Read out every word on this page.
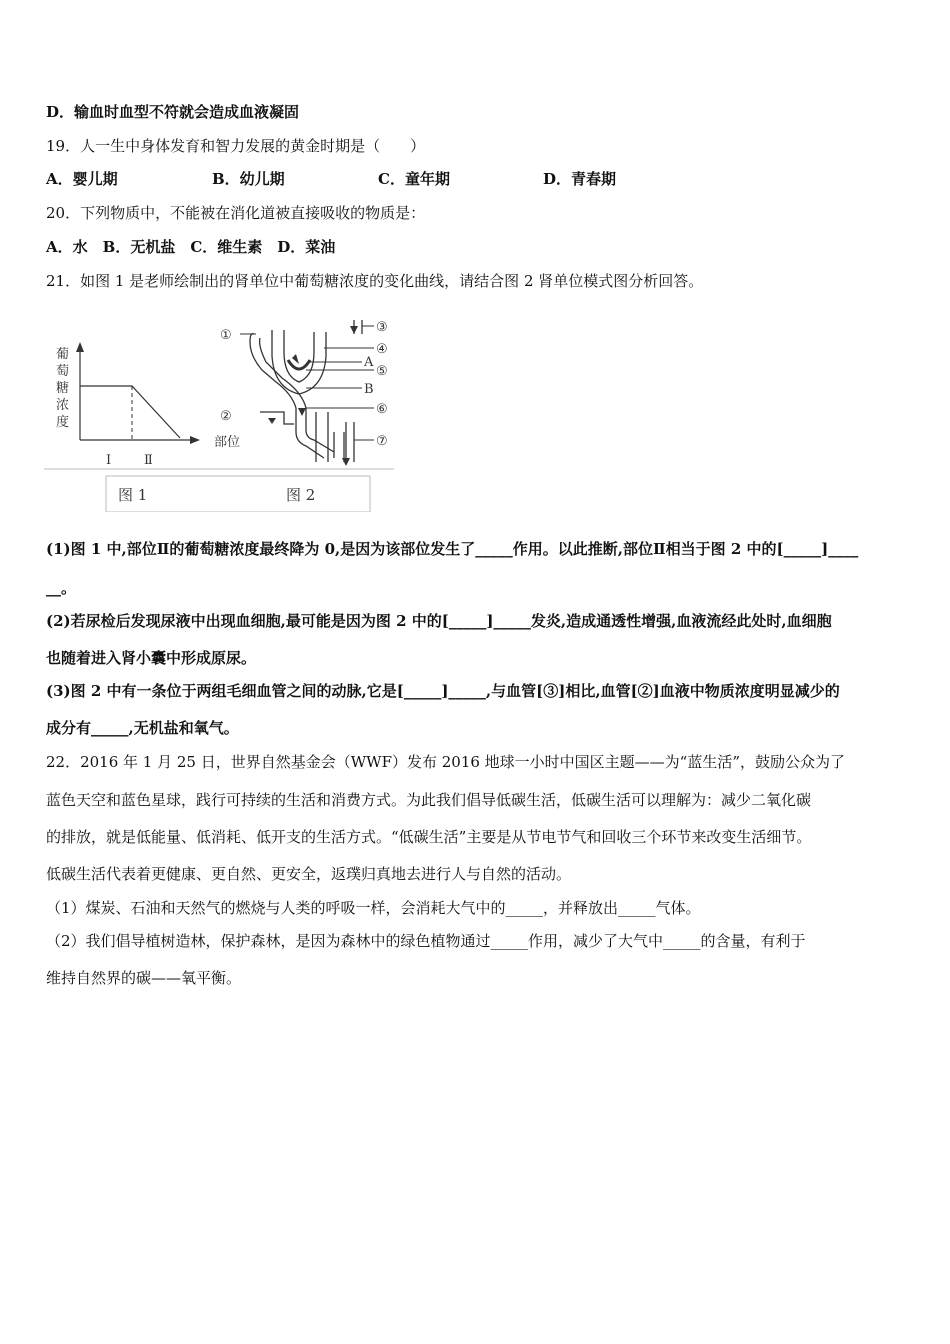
D．输血时血型不符就会造成血液凝固
19．人一生中身体发育和智力发展的黄金时期是（　　）
A．婴儿期	B．幼儿期	C．童年期	D．青春期
20．下列物质中，不能被在消化道被直接吸收的物质是：
A．水　B．无机盐　C．维生素　D．菜油
21．如图 1 是老师绘制出的肾单位中葡萄糖浓度的变化曲线，请结合图 2 肾单位模式图分析回答。
葡
萄
糖
浓
度
Ⅰ	Ⅱ
图 1	图 2
①
②
③
④
A
⑤
B
⑥
部位	⑦
(1)图 1 中,部位Ⅱ的葡萄糖浓度最终降为 0,是因为该部位发生了_____作用。以此推断,部位Ⅱ相当于图 2 中的[_____]____
__。
(2)若尿检后发现尿液中出现血细胞,最可能是因为图 2 中的[_____]_____发炎,造成通透性增强,血液流经此处时,血细胞
也随着进入肾小囊中形成原尿。
(3)图 2 中有一条位于两组毛细血管之间的动脉,它是[_____]_____,与血管[③]相比,血管[②]血液中物质浓度明显减少的
成分有_____,无机盐和氧气。
22．2016 年 1 月 25 日，世界自然基金会（WWF）发布 2016 地球一小时中国区主题——为“蓝生活”，鼓励公众为了
蓝色天空和蓝色星球，践行可持续的生活和消费方式。为此我们倡导低碳生活，低碳生活可以理解为：减少二氧化碳
的排放，就是低能量、低消耗、低开支的生活方式。“低碳生活”主要是从节电节气和回收三个环节来改变生活细节。
低碳生活代表着更健康、更自然、更安全，返璞归真地去进行人与自然的活动。
（1）煤炭、石油和天然气的燃烧与人类的呼吸一样，会消耗大气中的_____，并释放出_____气体。
（2）我们倡导植树造林，保护森林，是因为森林中的绿色植物通过_____作用，减少了大气中_____的含量，有利于
维持自然界的碳——氧平衡。
